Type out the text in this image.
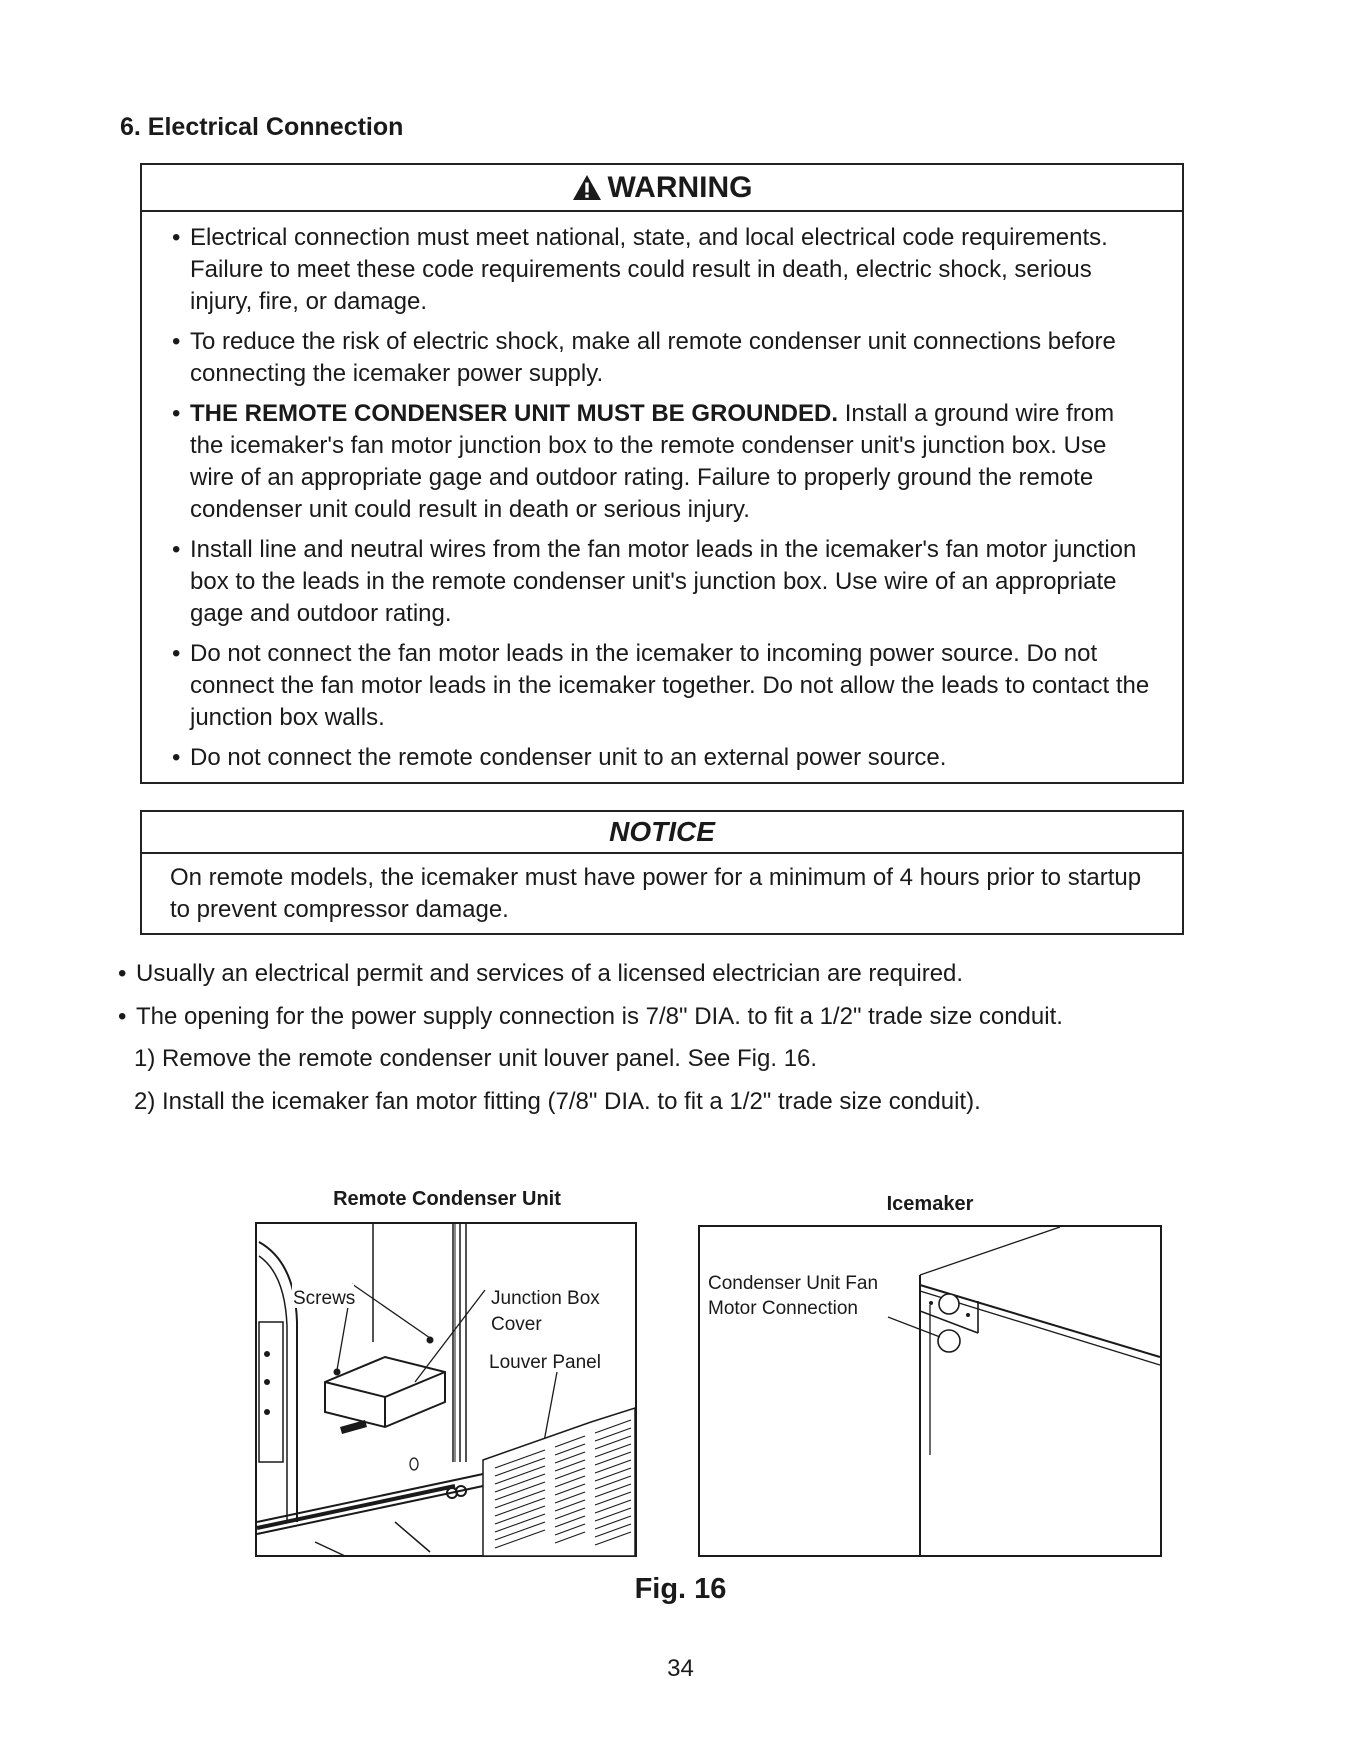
6. Electrical Connection
WARNING
• Electrical connection must meet national, state, and local electrical code requirements. Failure to meet these code requirements could result in death, electric shock, serious injury, fire, or damage.
• To reduce the risk of electric shock, make all remote condenser unit connections before connecting the icemaker power supply.
• THE REMOTE CONDENSER UNIT MUST BE GROUNDED. Install a ground wire from the icemaker's fan motor junction box to the remote condenser unit's junction box. Use wire of an appropriate gage and outdoor rating. Failure to properly ground the remote condenser unit could result in death or serious injury.
• Install line and neutral wires from the fan motor leads in the icemaker's fan motor junction box to the leads in the remote condenser unit's junction box. Use wire of an appropriate gage and outdoor rating.
• Do not connect the fan motor leads in the icemaker to incoming power source. Do not connect the fan motor leads in the icemaker together. Do not allow the leads to contact the junction box walls.
• Do not connect the remote condenser unit to an external power source.
NOTICE

On remote models, the icemaker must have power for a minimum of 4 hours prior to startup to prevent compressor damage.

• Usually an electrical permit and services of a licensed electrician are required.
• The opening for the power supply connection is 7/8" DIA. to fit a 1/2" trade size conduit.
1) Remove the remote condenser unit louver panel. See Fig. 16.
2) Install the icemaker fan motor fitting (7/8" DIA. to fit a 1/2" trade size conduit).
Remote Condenser Unit	Icemaker
Screws	Junction Box
Cover
Louver Panel
Condenser Unit Fan
Motor Connection
Fig. 16
34
